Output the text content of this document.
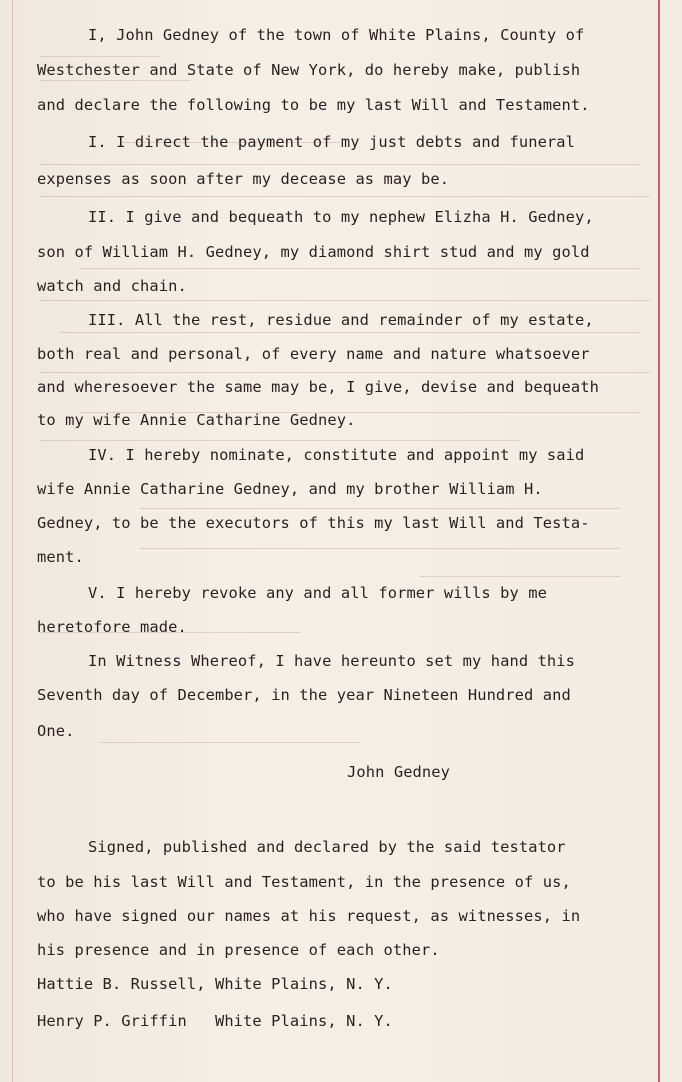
I, John Gedney of the town of White Plains, County of
Westchester and State of New York, do hereby make, publish
and declare the following to be my last Will and Testament.
I. I direct the payment of my just debts and funeral
expenses as soon after my decease as may be.
II. I give and bequeath to my nephew Elizha H. Gedney,
son of William H. Gedney, my diamond shirt stud and my gold
watch and chain.
III. All the rest, residue and remainder of my estate,
both real and personal, of every name and nature whatsoever
and wheresoever the same may be, I give, devise and bequeath
to my wife Annie Catharine Gedney.
IV. I hereby nominate, constitute and appoint my said
wife Annie Catharine Gedney, and my brother William H.
Gedney, to be the executors of this my last Will and Testa-
ment.
V. I hereby revoke any and all former wills by me
heretofore made.
In Witness Whereof, I have hereunto set my hand this
Seventh day of December, in the year Nineteen Hundred and
One.
John Gedney
Signed, published and declared by the said testator
to be his last Will and Testament, in the presence of us,
who have signed our names at his request, as witnesses, in
his presence and in presence of each other.
Hattie B. Russell, White Plains, N. Y.
Henry P. Griffin   White Plains, N. Y.
